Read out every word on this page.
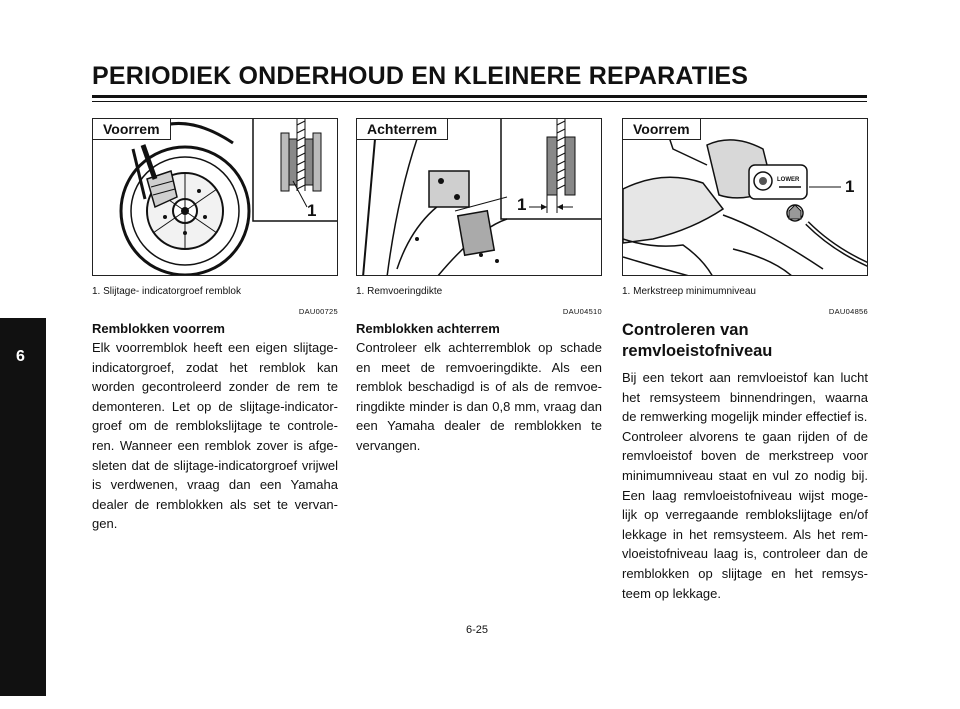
PERIODIEK ONDERHOUD EN KLEINERE REPARATIES
6
Voorrem
1
1. Slijtage- indicatorgroef remblok
DAU00725
Remblokken voorrem

Elk voorremblok heeft een eigen slijtage-indicatorgroef, zodat het remblok kan worden gecontroleerd zonder de rem te demonteren. Let op de slijtage-indicator-groef om de remblokslijtage te controle-ren. Wanneer een remblok zover is afge-sleten dat de slijtage-indicatorgroef vrijwel is verdwenen, vraag dan een Yamaha dealer de remblokken als set te vervan-gen.

Achterrem
1
1. Remvoeringdikte
DAU04510
Remblokken achterrem

Controleer elk achterremblok op schade en meet de remvoeringdikte. Als een remblok beschadigd is of als de remvoe-ringdikte minder is dan 0,8 mm, vraag dan een Yamaha dealer de remblokken te vervangen.

Voorrem
LOWER	1
1. Merkstreep minimumniveau
DAU04856
Controleren van remvloeistofniveau

Bij een tekort aan remvloeistof kan lucht het remsysteem binnendringen, waarna de remwerking mogelijk minder effectief is.

Controleer alvorens te gaan rijden of de remvloeistof boven de merkstreep voor minimumniveau staat en vul zo nodig bij. Een laag remvloeistofniveau wijst moge-lijk op verregaande remblokslijtage en/of lekkage in het remsysteem. Als het rem-vloeistofniveau laag is, controleer dan de remblokken op slijtage en het remsys-teem op lekkage.

6-25
